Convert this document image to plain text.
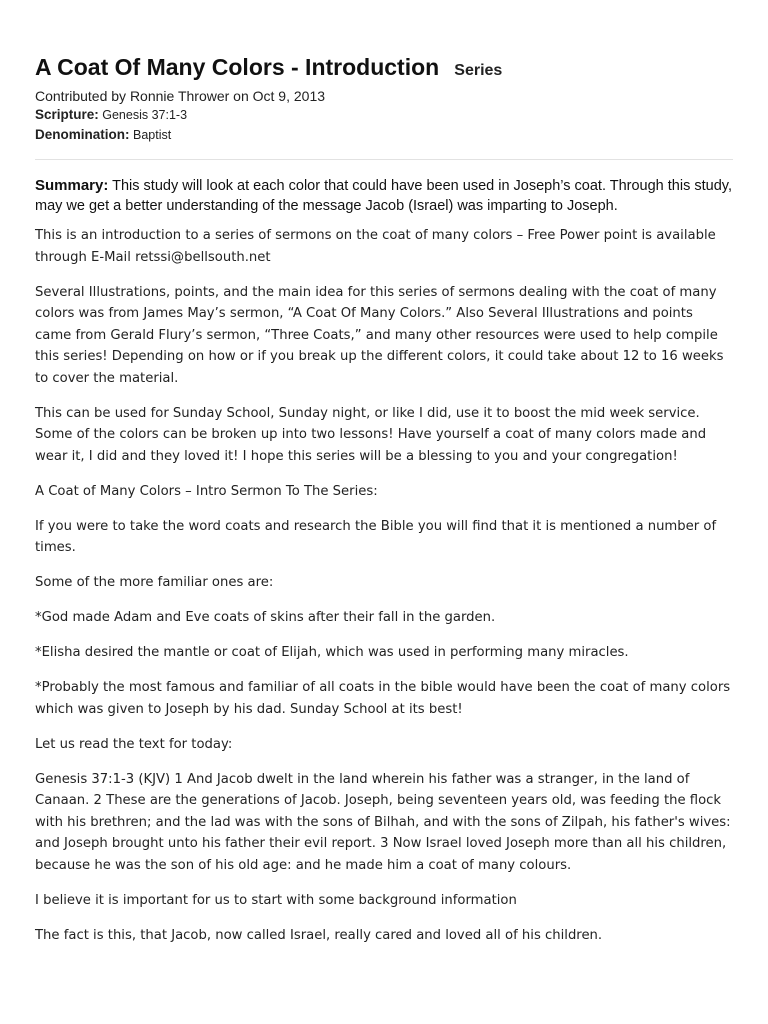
A Coat Of Many Colors - Introduction Series
Contributed by Ronnie Thrower on Oct 9, 2013
Scripture: Genesis 37:1-3
Denomination: Baptist
Summary: This study will look at each color that could have been used in Joseph’s coat. Through this study, may we get a better understanding of the message Jacob (Israel) was imparting to Joseph.

This is an introduction to a series of sermons on the coat of many colors – Free Power point is available through E-Mail retssi@bellsouth.net

Several Illustrations, points, and the main idea for this series of sermons dealing with the coat of many colors was from James May’s sermon, “A Coat Of Many Colors.” Also Several Illustrations and points came from Gerald Flury’s sermon, “Three Coats,” and many other resources were used to help compile this series! Depending on how or if you break up the different colors, it could take about 12 to 16 weeks to cover the material.

This can be used for Sunday School, Sunday night, or like I did, use it to boost the mid week service. Some of the colors can be broken up into two lessons! Have yourself a coat of many colors made and wear it, I did and they loved it! I hope this series will be a blessing to you and your congregation!

A Coat of Many Colors – Intro Sermon To The Series:

If you were to take the word coats and research the Bible you will find that it is mentioned a number of times.

Some of the more familiar ones are:

*God made Adam and Eve coats of skins after their fall in the garden.

*Elisha desired the mantle or coat of Elijah, which was used in performing many miracles.

*Probably the most famous and familiar of all coats in the bible would have been the coat of many colors which was given to Joseph by his dad. Sunday School at its best!

Let us read the text for today:

Genesis 37:1-3 (KJV) 1 And Jacob dwelt in the land wherein his father was a stranger, in the land of Canaan. 2 These are the generations of Jacob. Joseph, being seventeen years old, was feeding the flock with his brethren; and the lad was with the sons of Bilhah, and with the sons of Zilpah, his father's wives: and Joseph brought unto his father their evil report. 3 Now Israel loved Joseph more than all his children, because he was the son of his old age: and he made him a coat of many colours.

I believe it is important for us to start with some background information

The fact is this, that Jacob, now called Israel, really cared and loved all of his children.
